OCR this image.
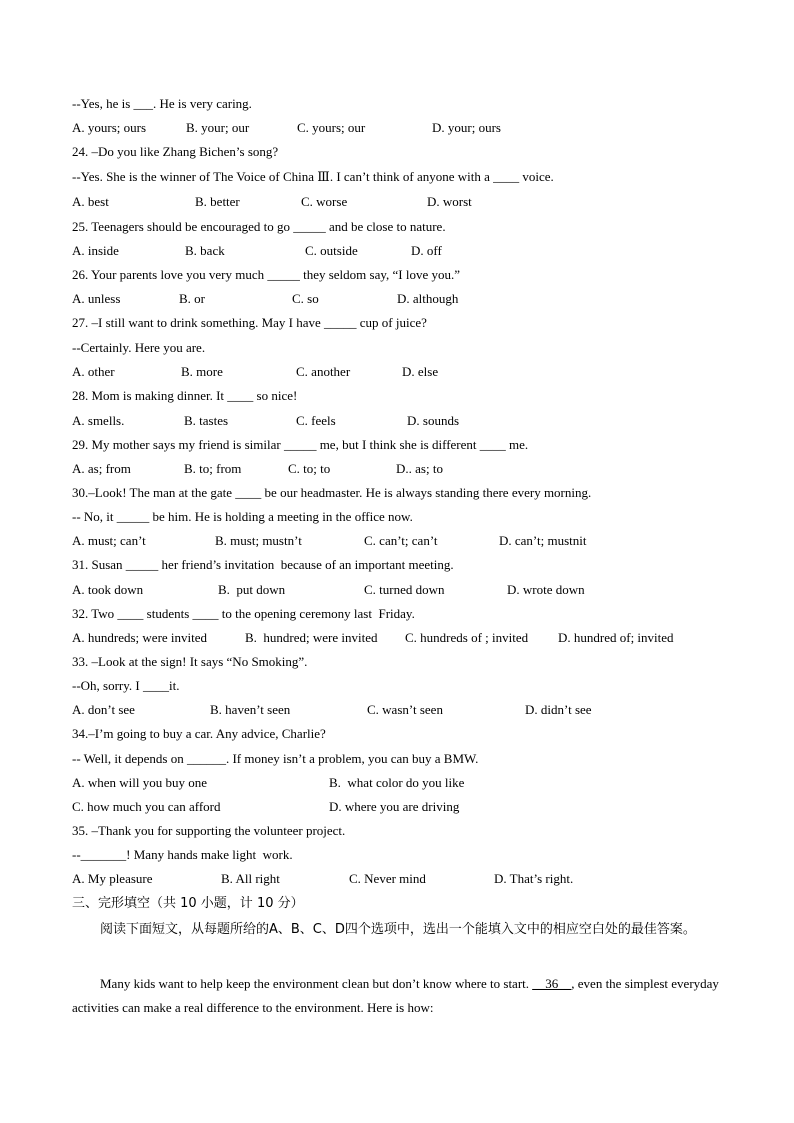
--Yes, he is ___. He is very caring.
A. yours; ours	B. your; our	C. yours; our	D. your; ours
24. –Do you like Zhang Bichen’s song?
--Yes. She is the winner of The Voice of China Ⅲ. I can’t think of anyone with a ____ voice.
A. best	B. better	C. worse	D. worst
25. Teenagers should be encouraged to go _____ and be close to nature.
A. inside	B. back	C. outside	D. off
26. Your parents love you very much _____ they seldom say, “I love you.”
A. unless	B. or	C. so	D. although
27. –I still want to drink something. May I have _____ cup of juice?
--Certainly. Here you are.
A. other	B. more	C. another	D. else
28. Mom is making dinner. It ____ so nice!
A. smells.	B. tastes	C. feels	D. sounds
29. My mother says my friend is similar _____ me, but I think she is different ____ me.
A. as; from	B. to; from	C. to; to	D.. as; to
30.–Look! The man at the gate ____ be our headmaster. He is always standing there every morning.
-- No, it _____ be him. He is holding a meeting in the office now.
A. must; can’t	B. must; mustn’t	C. can’t; can’t	D. can’t; mustnit
31. Susan _____ her friend’s invitation  because of an important meeting.
A. took down	B.  put down	C. turned down	D. wrote down
32. Two ____ students ____ to the opening ceremony last  Friday.
A. hundreds; were invited	B.  hundred; were invited C. hundreds of ; invited D. hundred of; invited
33. –Look at the sign! It says “No Smoking”.
--Oh, sorry. I ____it.
A. don’t see	B. haven’t seen	C. wasn’t seen	D. didn’t see
34.–I’m going to buy a car. Any advice, Charlie?
-- Well, it depends on ______. If money isn’t a problem, you can buy a BMW.
A. when will you buy one	B.  what color do you like
C. how much you can afford	D. where you are driving
35. –Thank you for supporting the volunteer project.
--_______! Many hands make light  work.
A. My pleasure	B. All right	C. Never mind	D. That’s right.
三、完形填空（共 10 小题，计 10 分）
阅读下面短文，从每题所给的A、B、C、D四个选项中，选出一个能填入文中的相应空白处的最佳答案。
Many kids want to help keep the environment clean but don’t know where to start. __36__, even the simplest everyday activities can make a real difference to the environment. Here is how:
